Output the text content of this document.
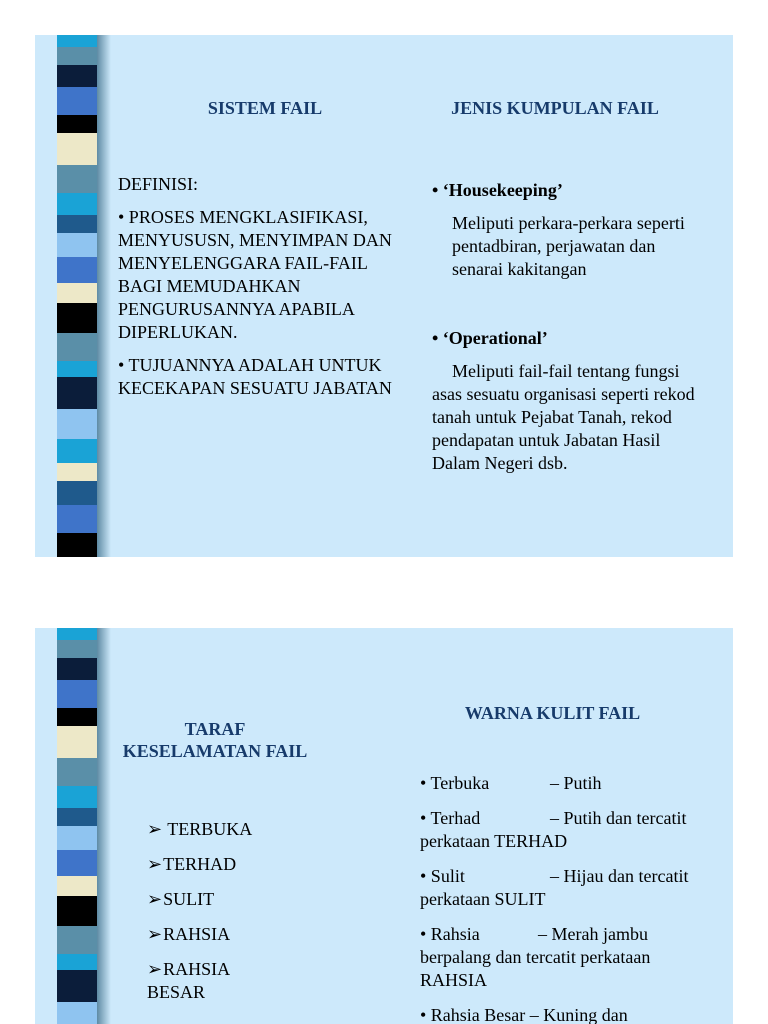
SISTEM FAIL	JENIS KUMPULAN FAIL

DEFINISI:

• PROSES MENGKLASIFIKASI, MENYUSUSN, MENYIMPAN DAN MENYELENGGARA FAIL-FAIL BAGI MEMUDAHKAN PENGURUSANNYA APABILA DIPERLUKAN.

• TUJUANNYA ADALAH UNTUK KECEKAPAN SESUATU JABATAN

• ‘Housekeeping’

Meliputi perkara-perkara seperti pentadbiran, perjawatan dan senarai kakitangan

• ‘Operational’

Meliputi fail-fail tentang fungsi asas sesuatu organisasi seperti rekod tanah untuk Pejabat Tanah, rekod pendapatan untuk Jabatan Hasil Dalam Negeri dsb.

TARAF
KESELAMATAN FAIL
WARNA KULIT FAIL
➢ TERBUKA
➢TERHAD
➢SULIT
➢RAHSIA
➢RAHSIA BESAR

• Terbuka	– Putih

• Terhad	– Putih dan tercatit perkataan TERHAD

• Sulit	– Hijau dan tercatit perkataan SULIT

• Rahsia	– Merah jambu berpalang dan tercatit perkataan RAHSIA

• Rahsia Besar – Kuning dan
